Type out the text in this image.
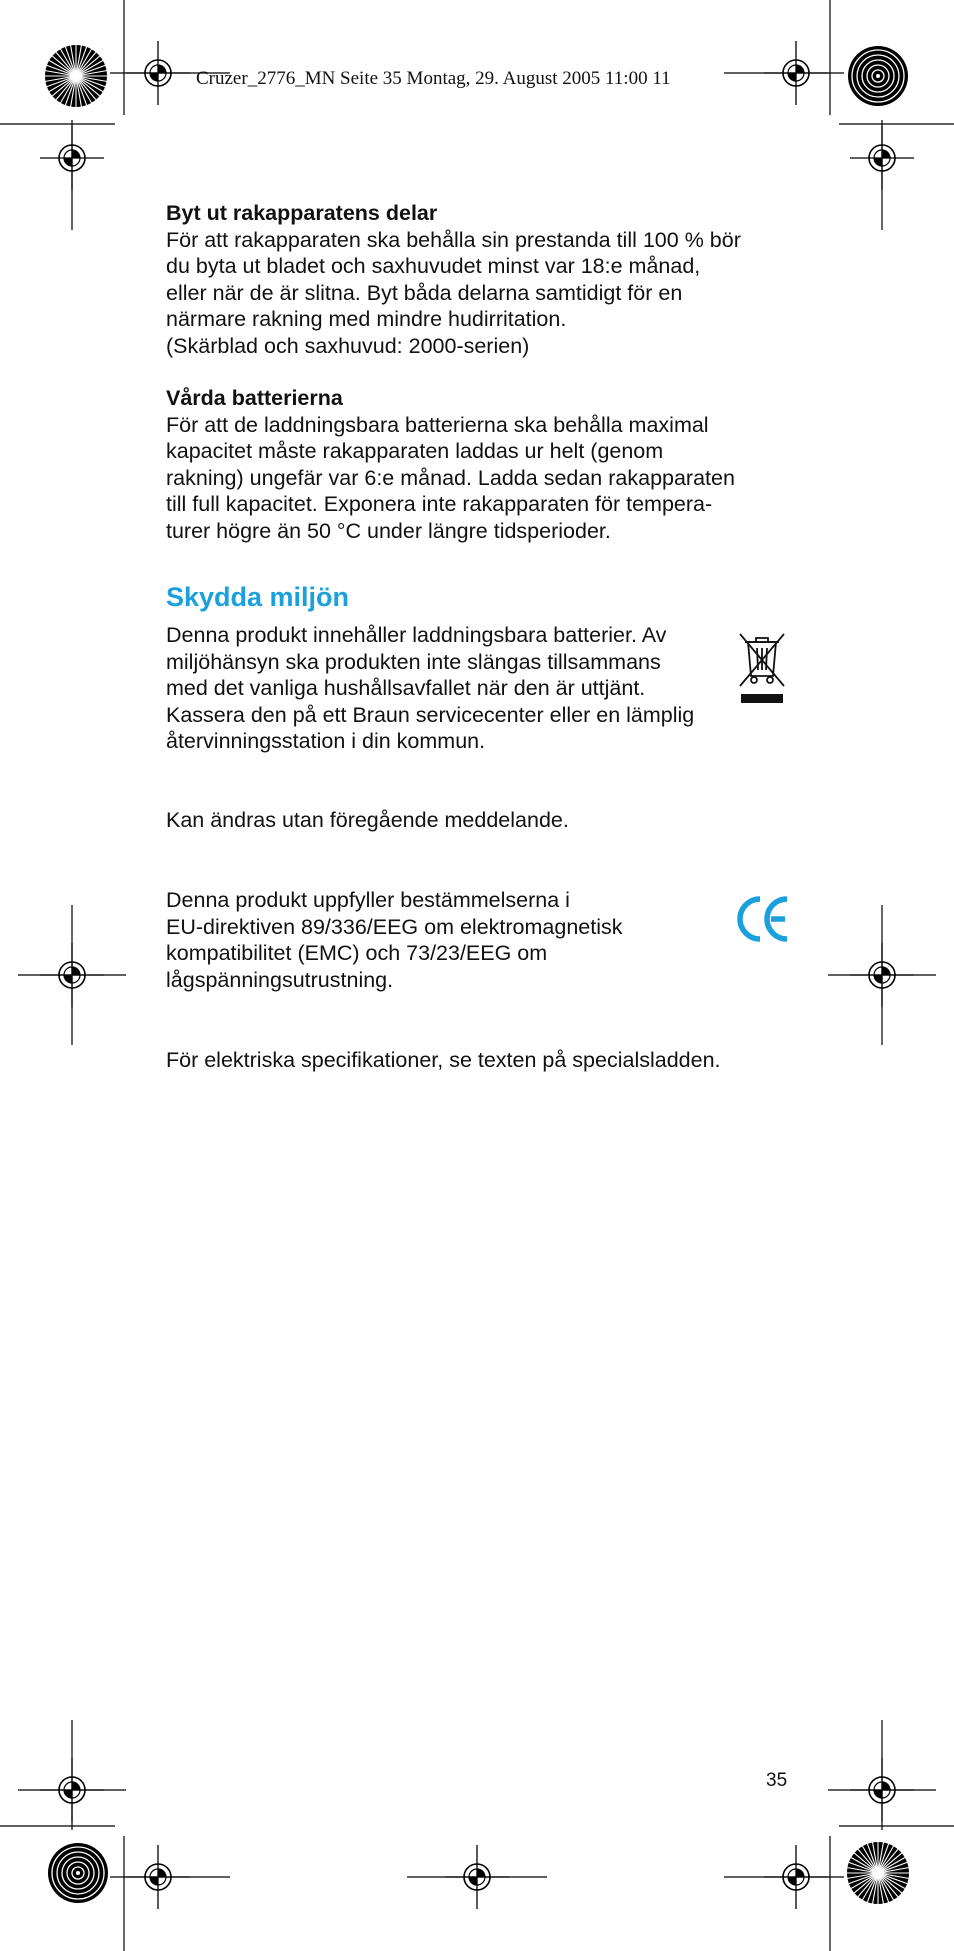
Cruzer_2776_MN Seite 35 Montag, 29. August 2005 11:00 11

Byt ut rakapparatens delar
För att rakapparaten ska behålla sin prestanda till 100 % bör
du byta ut bladet och saxhuvudet minst var 18:e månad,
eller när de är slitna. Byt båda delarna samtidigt för en
närmare rakning med mindre hudirritation.
(Skärblad och saxhuvud: 2000-serien)

Vårda batterierna
För att de laddningsbara batterierna ska behålla maximal
kapacitet måste rakapparaten laddas ur helt (genom
rakning) ungefär var 6:e månad. Ladda sedan rakapparaten
till full kapacitet. Exponera inte rakapparaten för tempera-
turer högre än 50 °C under längre tidsperioder.

Skydda miljön

Denna produkt innehåller laddningsbara batterier. Av
miljöhänsyn ska produkten inte slängas tillsammans
med det vanliga hushållsavfallet när den är uttjänt.
Kassera den på ett Braun servicecenter eller en lämplig
återvinningsstation i din kommun.

Kan ändras utan föregående meddelande.

Denna produkt uppfyller bestämmelserna i
EU-direktiven 89/336/EEG om elektromagnetisk
kompatibilitet (EMC) och 73/23/EEG om
lågspänningsutrustning.

För elektriska specifikationer, se texten på specialsladden.

35
